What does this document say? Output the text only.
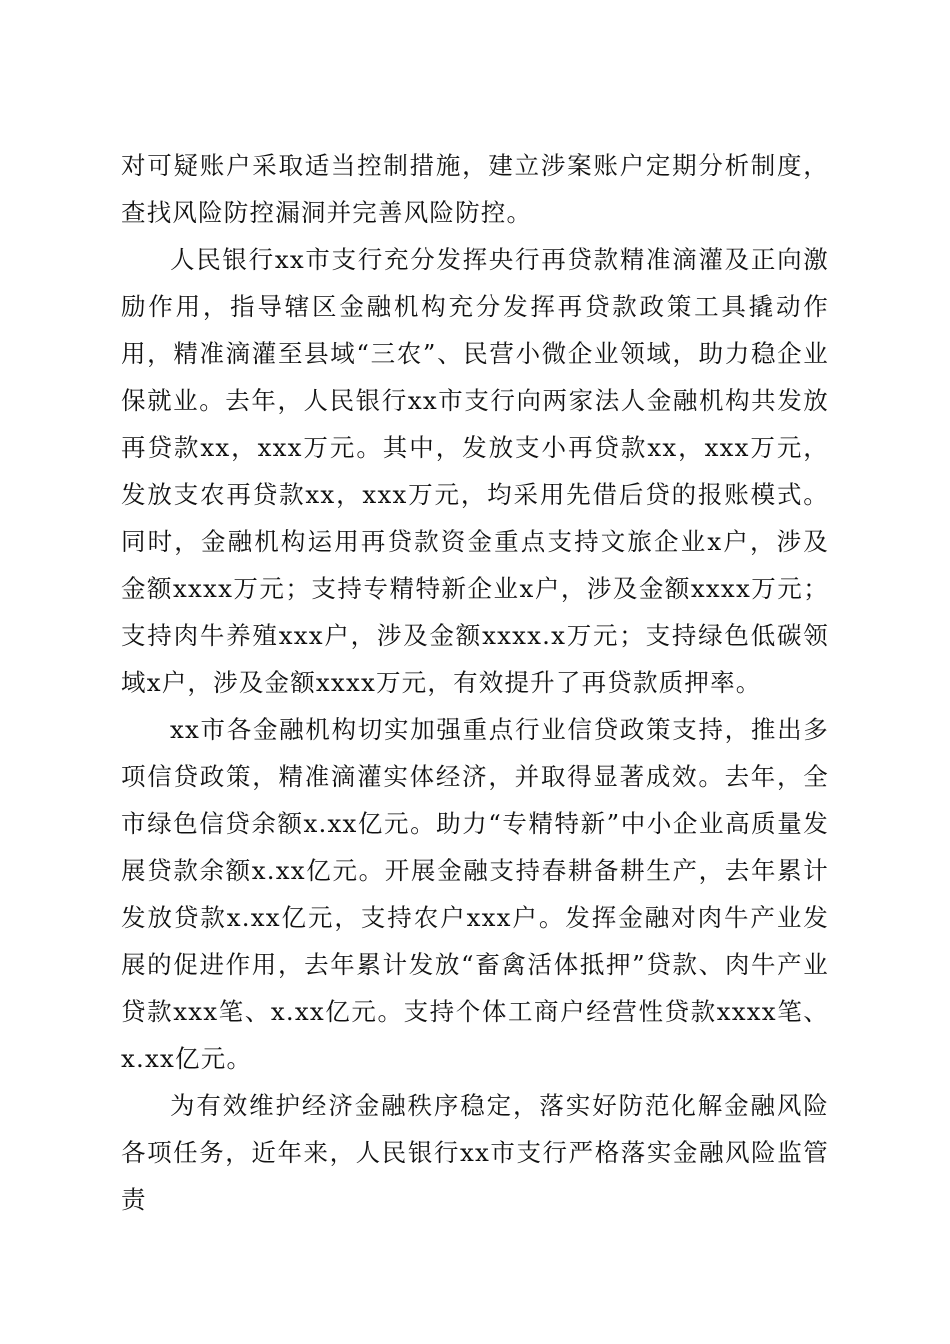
对可疑账户采取适当控制措施，建立涉案账户定期分析制度，查找风险防控漏洞并完善风险防控。

人民银行xx市支行充分发挥央行再贷款精准滴灌及正向激励作用，指导辖区金融机构充分发挥再贷款政策工具撬动作用，精准滴灌至县域“三农”、民营小微企业领域，助力稳企业保就业。去年，人民银行xx市支行向两家法人金融机构共发放再贷款xx，xxx万元。其中，发放支小再贷款xx，xxx万元，发放支农再贷款xx，xxx万元，均采用先借后贷的报账模式。同时，金融机构运用再贷款资金重点支持文旅企业x户，涉及金额xxxx万元；支持专精特新企业x户，涉及金额xxxx万元；支持肉牛养殖xxx户，涉及金额xxxx.x万元；支持绿色低碳领域x户，涉及金额xxxx万元，有效提升了再贷款质押率。

xx市各金融机构切实加强重点行业信贷政策支持，推出多项信贷政策，精准滴灌实体经济，并取得显著成效。去年，全市绿色信贷余额x.xx亿元。助力“专精特新”中小企业高质量发展贷款余额x.xx亿元。开展金融支持春耕备耕生产，去年累计发放贷款x.xx亿元，支持农户xxx户。发挥金融对肉牛产业发展的促进作用，去年累计发放“畜禽活体抵押”贷款、肉牛产业贷款xxx笔、x.xx亿元。支持个体工商户经营性贷款xxxx笔、x.xx亿元。

为有效维护经济金融秩序稳定，落实好防范化解金融风险各项任务，近年来，人民银行xx市支行严格落实金融风险监管责
